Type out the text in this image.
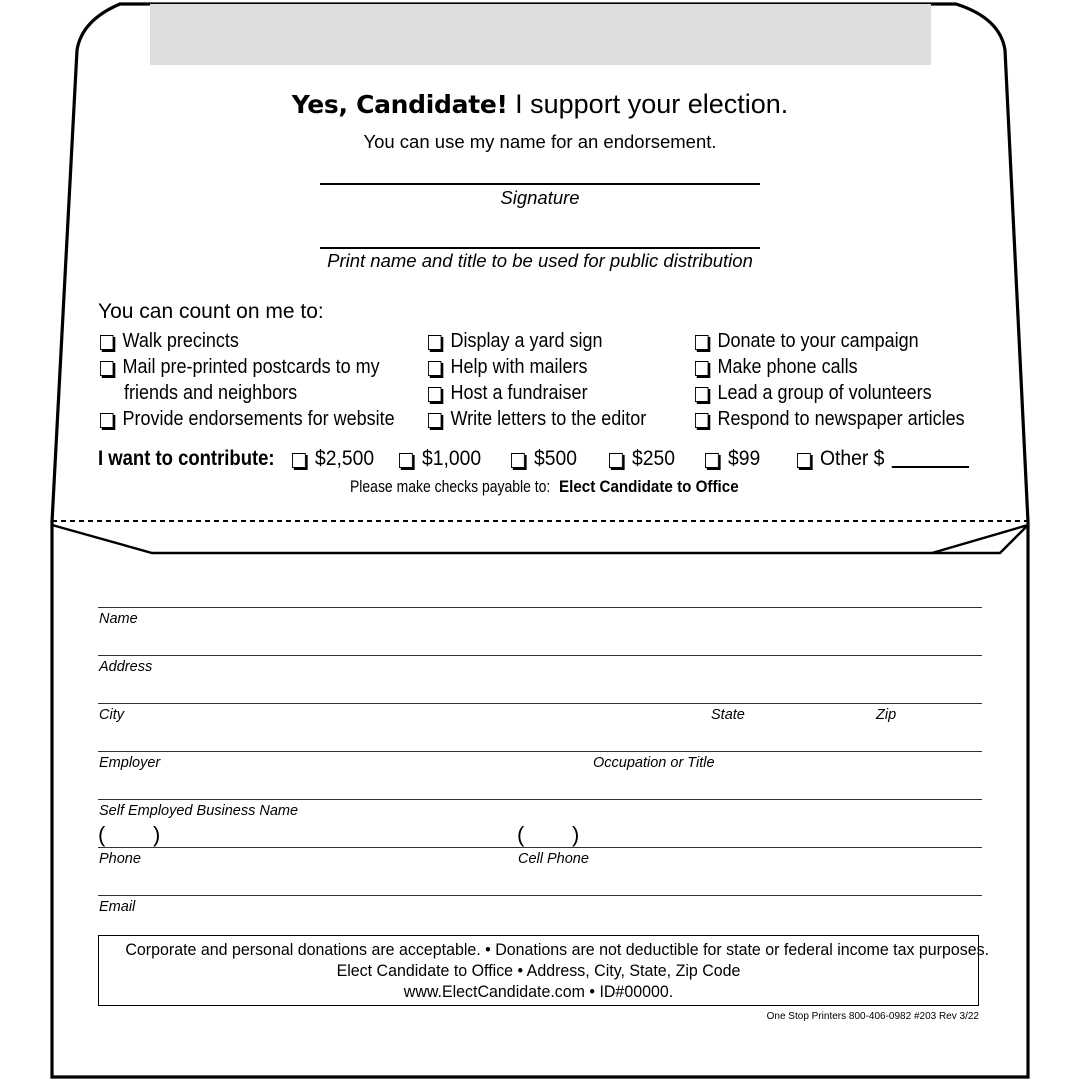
Yes, Candidate! I support your election.
You can use my name for an endorsement.
Signature
Print name and title to be used for public distribution
You can count on me to:
Walk precincts
Mail pre-printed postcards to my
friends and neighbors
Provide endorsements for website
Display a yard sign
Help with mailers
Host a fundraiser
Write letters to the editor
Donate to your campaign
Make phone calls
Lead a group of volunteers
Respond to newspaper articles
I want to contribute: $2,500 $1,000	$500	$250	$99	Other $
Please make checks payable to:Elect Candidate to Office
Name
Address
City	State	Zip
Employer	Occupation or Title
Self Employed Business Name
( )	( )
Phone	Cell Phone
Email
Corporate and personal donations are acceptable. • Donations are not deductible for state or federal income tax purposes.
Elect Candidate to Office • Address, City, State, Zip Code
www.ElectCandidate.com • ID#00000.
One Stop Printers 800-406-0982 #203 Rev 3/22
